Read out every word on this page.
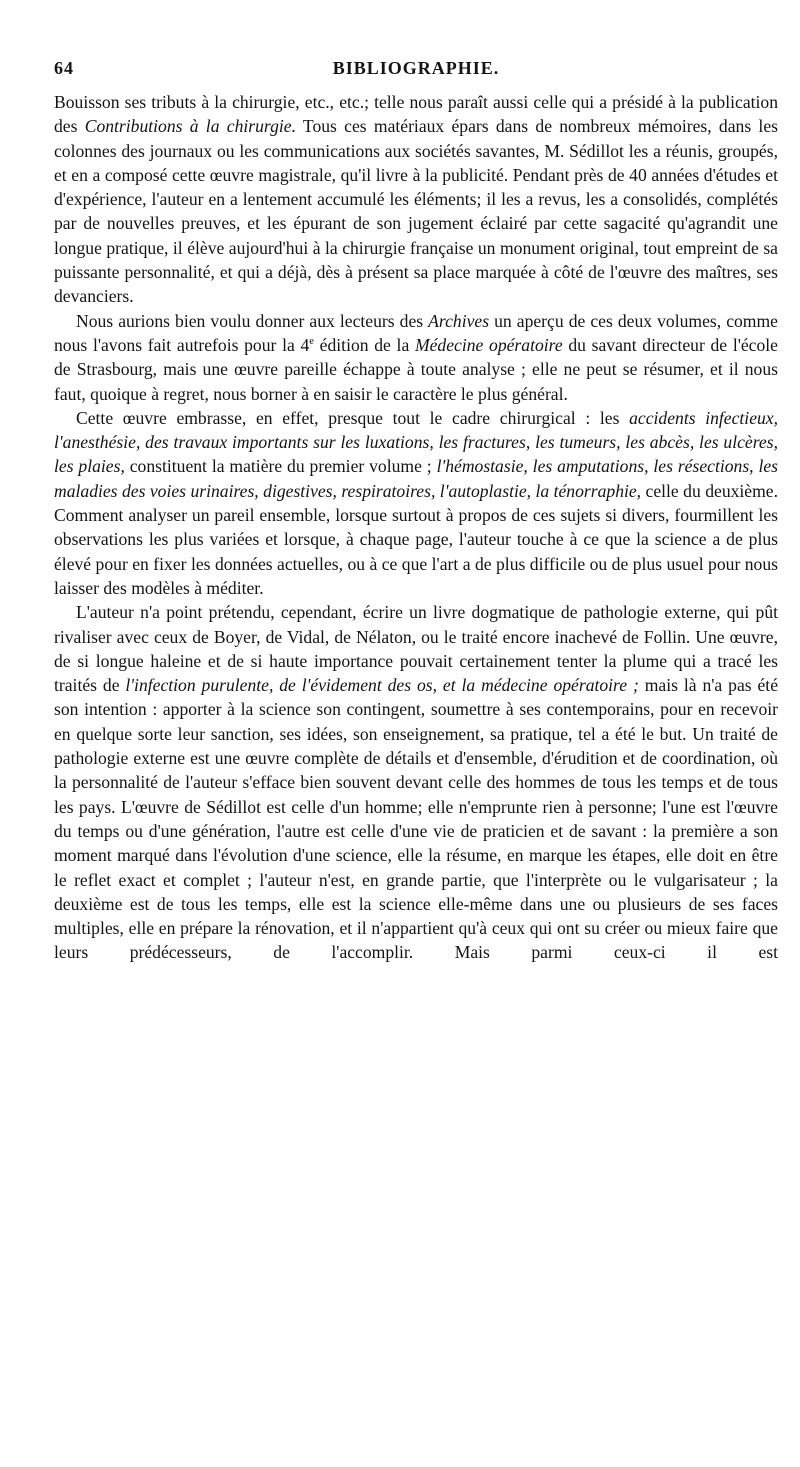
64	BIBLIOGRAPHIE.

Bouisson ses tributs à la chirurgie, etc., etc.; telle nous paraît aussi celle qui a présidé à la publication des Contributions à la chirurgie. Tous ces matériaux épars dans de nombreux mémoires, dans les colonnes des journaux ou les communications aux sociétés savantes, M. Sédillot les a réunis, groupés, et en a composé cette œuvre magistrale, qu'il livre à la publicité. Pendant près de 40 années d'études et d'expérience, l'auteur en a lentement accumulé les éléments; il les a revus, les a consolidés, complétés par de nouvelles preuves, et les épurant de son jugement éclairé par cette sagacité qu'agrandit une longue pratique, il élève aujourd'hui à la chirurgie française un monument original, tout empreint de sa puissante personnalité, et qui a déjà, dès à présent sa place marquée à côté de l'œuvre des maîtres, ses devanciers.

Nous aurions bien voulu donner aux lecteurs des Archives un aperçu de ces deux volumes, comme nous l'avons fait autrefois pour la 4e édition de la Médecine opératoire du savant directeur de l'école de Strasbourg, mais une œuvre pareille échappe à toute analyse ; elle ne peut se résumer, et il nous faut, quoique à regret, nous borner à en saisir le caractère le plus général.

Cette œuvre embrasse, en effet, presque tout le cadre chirurgical : les accidents infectieux, l'anesthésie, des travaux importants sur les luxations, les fractures, les tumeurs, les abcès, les ulcères, les plaies, constituent la matière du premier volume ; l'hémostasie, les amputations, les résections, les maladies des voies urinaires, digestives, respiratoires, l'autoplastie, la ténorraphie, celle du deuxième. Comment analyser un pareil ensemble, lorsque surtout à propos de ces sujets si divers, fourmillent les observations les plus variées et lorsque, à chaque page, l'auteur touche à ce que la science a de plus élevé pour en fixer les données actuelles, ou à ce que l'art a de plus difficile ou de plus usuel pour nous laisser des modèles à méditer.

L'auteur n'a point prétendu, cependant, écrire un livre dogmatique de pathologie externe, qui pût rivaliser avec ceux de Boyer, de Vidal, de Nélaton, ou le traité encore inachevé de Follin. Une œuvre, de si longue haleine et de si haute importance pouvait certainement tenter la plume qui a tracé les traités de l'infection purulente, de l'évidement des os, et la médecine opératoire ; mais là n'a pas été son intention : apporter à la science son contingent, soumettre à ses contemporains, pour en recevoir en quelque sorte leur sanction, ses idées, son enseignement, sa pratique, tel a été le but. Un traité de pathologie externe est une œuvre complète de détails et d'ensemble, d'érudition et de coordination, où la personnalité de l'auteur s'efface bien souvent devant celle des hommes de tous les temps et de tous les pays. L'œuvre de Sédillot est celle d'un homme; elle n'emprunte rien à personne; l'une est l'œuvre du temps ou d'une génération, l'autre est celle d'une vie de praticien et de savant : la première a son moment marqué dans l'évolution d'une science, elle la résume, en marque les étapes, elle doit en être le reflet exact et complet ; l'auteur n'est, en grande partie, que l'interprète ou le vulgarisateur ; la deuxième est de tous les temps, elle est la science elle-même dans une ou plusieurs de ses faces multiples, elle en prépare la rénovation, et il n'appartient qu'à ceux qui ont su créer ou mieux faire que leurs prédécesseurs, de l'accomplir. Mais parmi ceux-ci il est
